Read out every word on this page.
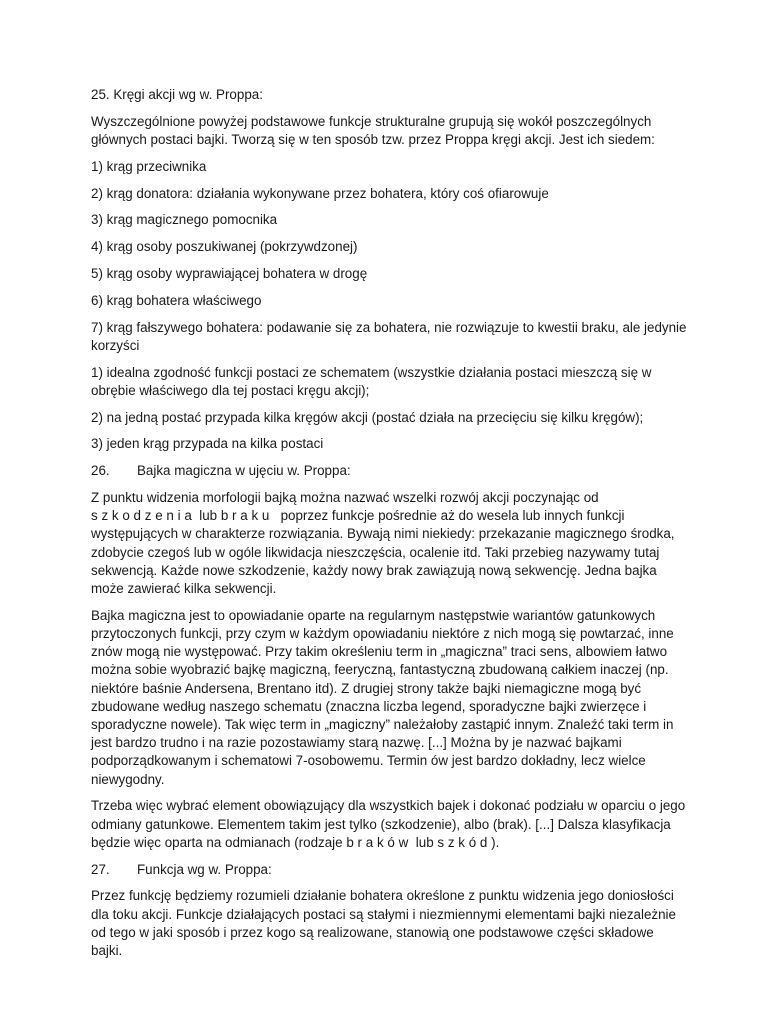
25. Kręgi akcji wg w. Proppa:

Wyszczególnione powyżej podstawowe funkcje strukturalne grupują się wokół poszczególnych głównych postaci bajki. Tworzą się w ten sposób tzw. przez Proppa kręgi akcji. Jest ich siedem:

1) krąg przeciwnika

2) krąg donatora: działania wykonywane przez bohatera, który coś ofiarowuje

3) krąg magicznego pomocnika

4) krąg osoby poszukiwanej (pokrzywdzonej)

5) krąg osoby wyprawiającej bohatera w drogę

6) krąg bohatera właściwego

7) krąg fałszywego bohatera: podawanie się za bohatera, nie rozwiązuje to kwestii braku, ale jedynie korzyści

1) idealna zgodność funkcji postaci ze schematem (wszystkie działania postaci mieszczą się w obrębie właściwego dla tej postaci kręgu akcji);

2) na jedną postać przypada kilka kręgów akcji (postać działa na przecięciu się kilku kręgów);

3) jeden krąg przypada na kilka postaci

26. Bajka magiczna w ujęciu w. Proppa:

Z punktu widzenia morfologii bajką można nazwać wszelki rozwój akcji poczynając od szkodzenia lub braku poprzez funkcje pośrednie aż do wesela lub innych funkcji występujących w charakterze rozwiązania. Bywają nimi niekiedy: przekazanie magicznego środka, zdobycie czegoś lub w ogóle likwidacja nieszczęścia, ocalenie itd. Taki przebieg nazywamy tutaj sekwencją. Każde nowe szkodzenie, każdy nowy brak zawiązują nową sekwencję. Jedna bajka może zawierać kilka sekwencji.

Bajka magiczna jest to opowiadanie oparte na regularnym następstwie wariantów gatunkowych przytoczonych funkcji, przy czym w każdym opowiadaniu niektóre z nich mogą się powtarzać, inne znów mogą nie występować. Przy takim określeniu term in „magiczna” traci sens, albowiem łatwo można sobie wyobrazić bajkę magiczną, feeryczną, fantastyczną zbudowaną całkiem inaczej (np. niektóre baśnie Andersena, Brentano itd). Z drugiej strony także bajki niemagiczne mogą być zbudowane według naszego schematu (znaczna liczba legend, sporadyczne bajki zwierzęce i sporadyczne nowele). Tak więc term in „magiczny” należałoby zastąpić innym. Znaleźć taki term in jest bardzo trudno i na razie pozostawiamy starą nazwę. [...] Można by je nazwać bajkami podporządkowanym i schematowi 7-osobowemu. Termin ów jest bardzo dokładny, lecz wielce niewygodny.

Trzeba więc wybrać element obowiązujący dla wszystkich bajek i dokonać podziału w oparciu o jego odmiany gatunkowe. Elementem takim jest tylko (szkodzenie), albo (brak). [...] Dalsza klasyfikacja będzie więc oparta na odmianach (rodzaje braków lub szkód).

27. Funkcja wg w. Proppa:

Przez funkcję będziemy rozumieli działanie bohatera określone z punktu widzenia jego doniosłości dla toku akcji. Funkcje działających postaci są stałymi i niezmiennymi elementami bajki niezależnie od tego w jaki sposób i przez kogo są realizowane, stanowią one podstawowe części składowe bajki.
